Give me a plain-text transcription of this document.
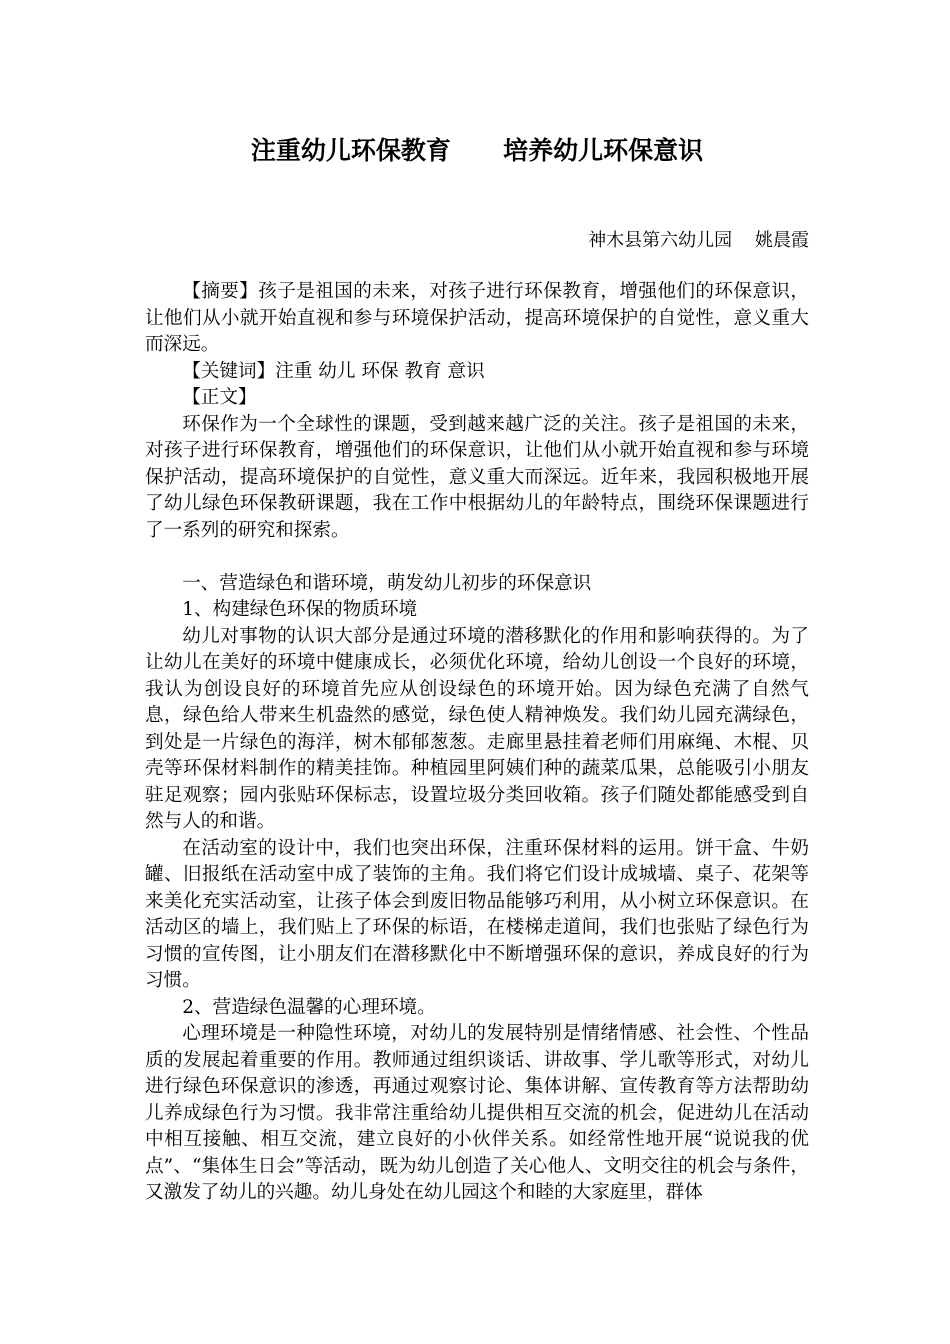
注重幼儿环保教育      培养幼儿环保意识
神木县第六幼儿园    姚晨霞

【摘要】孩子是祖国的未来，对孩子进行环保教育，增强他们的环保意识，让他们从小就开始直视和参与环境保护活动，提高环境保护的自觉性，意义重大而深远。

【关键词】注重 幼儿 环保 教育 意识

【正文】

环保作为一个全球性的课题，受到越来越广泛的关注。孩子是祖国的未来，对孩子进行环保教育，增强他们的环保意识，让他们从小就开始直视和参与环境保护活动，提高环境保护的自觉性，意义重大而深远。近年来，我园积极地开展了幼儿绿色环保教研课题，我在工作中根据幼儿的年龄特点，围绕环保课题进行了一系列的研究和探索。

一、营造绿色和谐环境，萌发幼儿初步的环保意识

1、构建绿色环保的物质环境

幼儿对事物的认识大部分是通过环境的潜移默化的作用和影响获得的。为了让幼儿在美好的环境中健康成长，必须优化环境，给幼儿创设一个良好的环境，我认为创设良好的环境首先应从创设绿色的环境开始。因为绿色充满了自然气息，绿色给人带来生机盎然的感觉，绿色使人精神焕发。我们幼儿园充满绿色，到处是一片绿色的海洋，树木郁郁葱葱。走廊里悬挂着老师们用麻绳、木棍、贝壳等环保材料制作的精美挂饰。种植园里阿姨们种的蔬菜瓜果，总能吸引小朋友驻足观察；园内张贴环保标志，设置垃圾分类回收箱。孩子们随处都能感受到自然与人的和谐。

在活动室的设计中，我们也突出环保，注重环保材料的运用。饼干盒、牛奶罐、旧报纸在活动室中成了装饰的主角。我们将它们设计成城墙、桌子、花架等来美化充实活动室，让孩子体会到废旧物品能够巧利用，从小树立环保意识。在活动区的墙上，我们贴上了环保的标语，在楼梯走道间，我们也张贴了绿色行为习惯的宣传图，让小朋友们在潜移默化中不断增强环保的意识，养成良好的行为习惯。

2、营造绿色温馨的心理环境。

心理环境是一种隐性环境，对幼儿的发展特别是情绪情感、社会性、个性品质的发展起着重要的作用。教师通过组织谈话、讲故事、学儿歌等形式，对幼儿进行绿色环保意识的渗透，再通过观察讨论、集体讲解、宣传教育等方法帮助幼儿养成绿色行为习惯。我非常注重给幼儿提供相互交流的机会，促进幼儿在活动中相互接触、相互交流，建立良好的小伙伴关系。如经常性地开展“说说我的优点”、“集体生日会”等活动，既为幼儿创造了关心他人、文明交往的机会与条件，又激发了幼儿的兴趣。幼儿身处在幼儿园这个和睦的大家庭里，群体
